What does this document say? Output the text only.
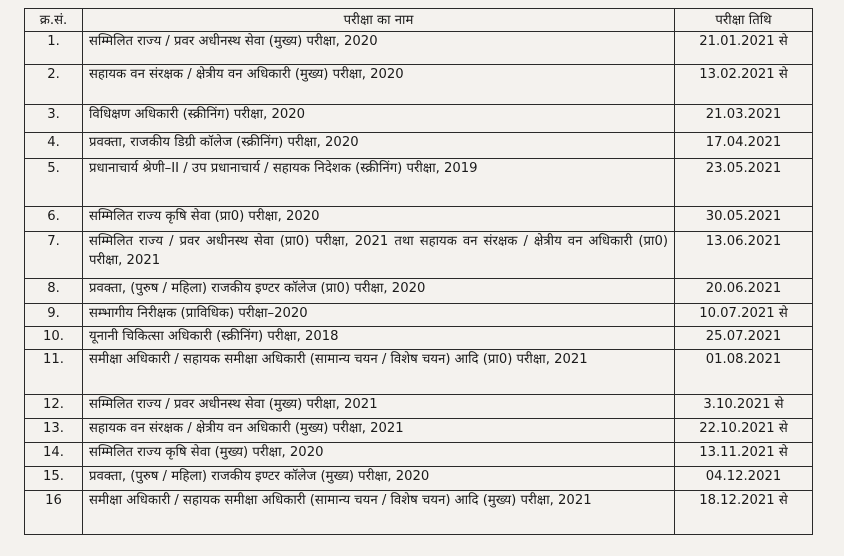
क्र.सं.	परीक्षा का नाम	परीक्षा तिथि
1.	सम्मिलित राज्य / प्रवर अधीनस्थ सेवा (मुख्य) परीक्षा, 2020	21.01.2021 से
2.	सहायक वन संरक्षक / क्षेत्रीय वन अधिकारी (मुख्य) परीक्षा, 2020	13.02.2021 से
3.	विधिक्षण अधिकारी (स्क्रीनिंग) परीक्षा, 2020	21.03.2021
4.	प्रवक्ता, राजकीय डिग्री कॉलेज (स्क्रीनिंग) परीक्षा, 2020	17.04.2021
5.	प्रधानाचार्य श्रेणी–II / उप प्रधानाचार्य / सहायक निदेशक (स्क्रीनिंग) परीक्षा, 2019	23.05.2021
6.	सम्मिलित राज्य कृषि सेवा (प्रा0) परीक्षा, 2020	30.05.2021
7.	सम्मिलित राज्य / प्रवर अधीनस्थ सेवा (प्रा0) परीक्षा, 2021 तथा सहायक वन संरक्षक / क्षेत्रीय वन अधिकारी (प्रा0) परीक्षा, 2021	13.06.2021
8.	प्रवक्ता, (पुरुष / महिला) राजकीय इण्टर कॉलेज (प्रा0) परीक्षा, 2020	20.06.2021
9.	सम्भागीय निरीक्षक (प्राविधिक) परीक्षा–2020	10.07.2021 से
10.	यूनानी चिकित्सा अधिकारी (स्क्रीनिंग) परीक्षा, 2018	25.07.2021
11.	समीक्षा अधिकारी / सहायक समीक्षा अधिकारी (सामान्य चयन / विशेष चयन) आदि (प्रा0) परीक्षा, 2021	01.08.2021
12.	सम्मिलित राज्य / प्रवर अधीनस्थ सेवा (मुख्य) परीक्षा, 2021	3.10.2021 से
13.	सहायक वन संरक्षक / क्षेत्रीय वन अधिकारी (मुख्य) परीक्षा, 2021	22.10.2021 से
14.	सम्मिलित राज्य कृषि सेवा (मुख्य) परीक्षा, 2020	13.11.2021 से
15.	प्रवक्ता, (पुरुष / महिला) राजकीय इण्टर कॉलेज (मुख्य) परीक्षा, 2020	04.12.2021
16	समीक्षा अधिकारी / सहायक समीक्षा अधिकारी (सामान्य चयन / विशेष चयन) आदि (मुख्य) परीक्षा, 2021	18.12.2021 से
